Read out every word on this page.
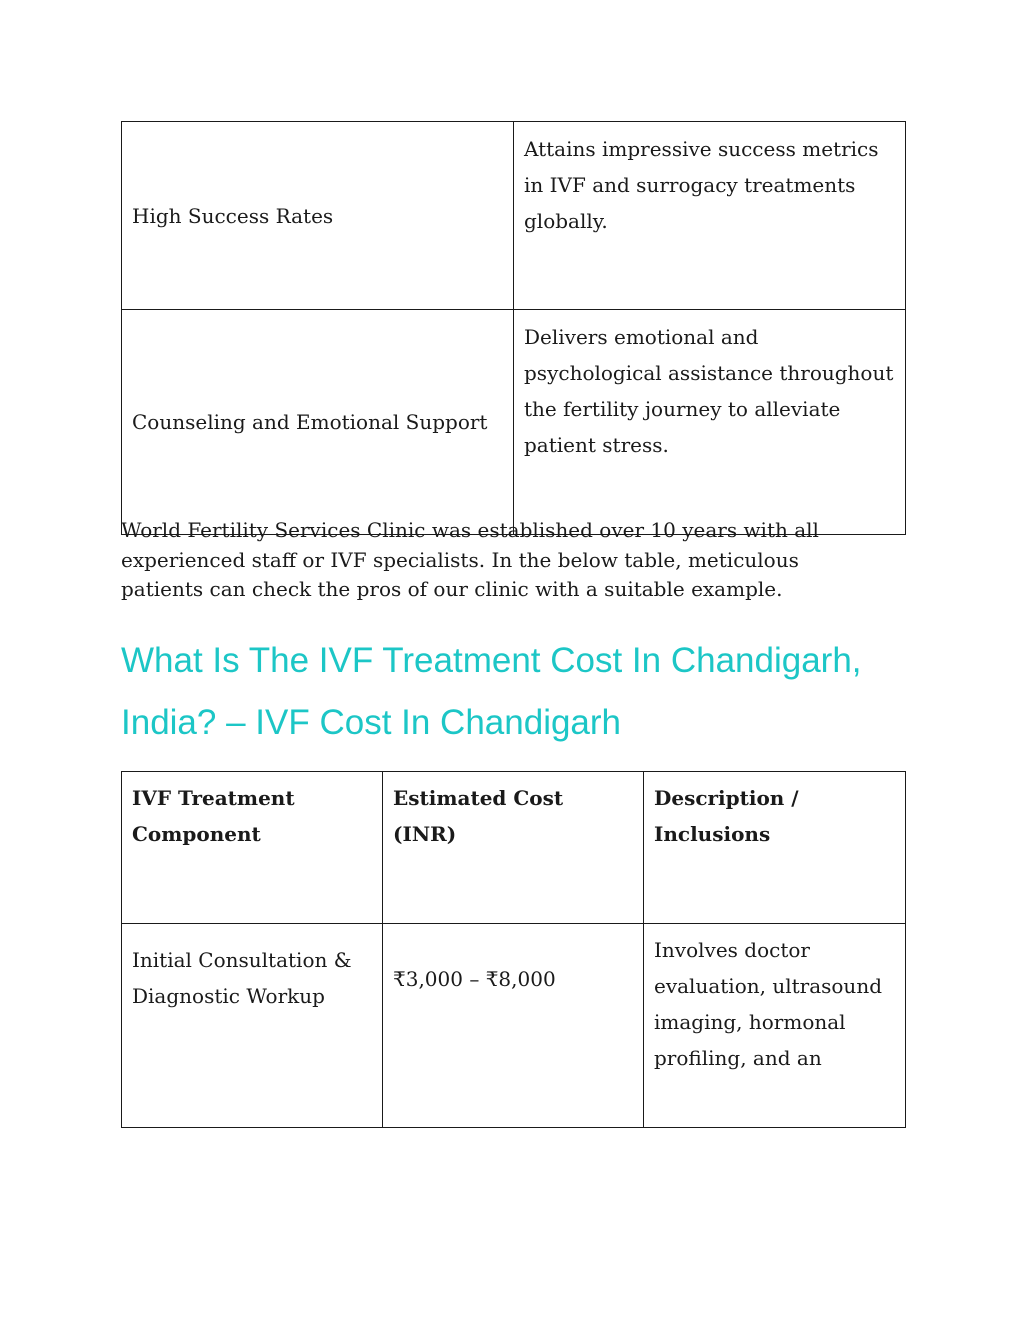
High Success Rates	Attains impressive success metrics in IVF and surrogacy treatments globally.
Counseling and Emotional Support	Delivers emotional and psychological assistance throughout the fertility journey to alleviate patient stress.

World Fertility Services Clinic was established over 10 years with all experienced staff or IVF specialists. In the below table, meticulous patients can check the pros of our clinic with a suitable example.

What Is The IVF Treatment Cost In Chandigarh, India? – IVF Cost In Chandigarh
IVF Treatment Component	Estimated Cost (INR)	Description / Inclusions
Initial Consultation & Diagnostic Workup	₹3,000 – ₹8,000	Involves doctor evaluation, ultrasound imaging, hormonal profiling, and an
